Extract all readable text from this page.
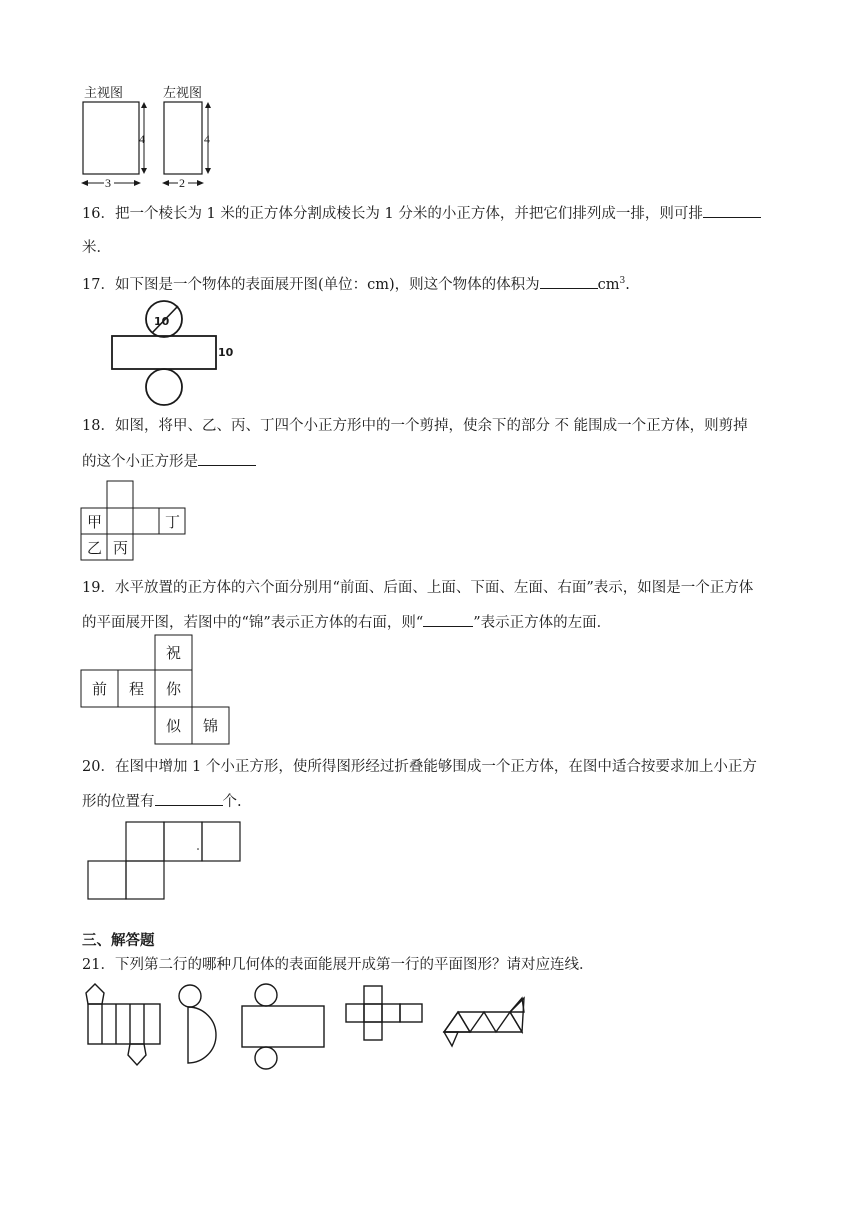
主视图	左视图
4	4
3	2
16．把一个棱长为 1 米的正方体分割成棱长为 1 分米的小正方体，并把它们排列成一排，则可排
米．
17．如下图是一个物体的表面展开图(单位：cm)，则这个物体的体积为	$cm^3$.
10
10
18．如图，将甲、乙、丙、丁四个小正方形中的一个剪掉，使余下的部分 不 能围成一个正方体，则剪掉
的这个小正方形是
甲	丁
乙 丙
19．水平放置的正方体的六个面分别用“前面、后面、上面、下面、左面、右面”表示，如图是一个正方体
的平面展开图，若图中的“锦”表示正方体的右面，则“	”表示正方体的左面．
祝
前 程 你
似 锦
20．在图中增加 1 个小正方形，使所得图形经过折叠能够围成一个正方体，在图中适合按要求加上小正方
形的位置有	个.
三、解答题
21．下列第二行的哪种几何体的表面能展开成第一行的平面图形？请对应连线．
